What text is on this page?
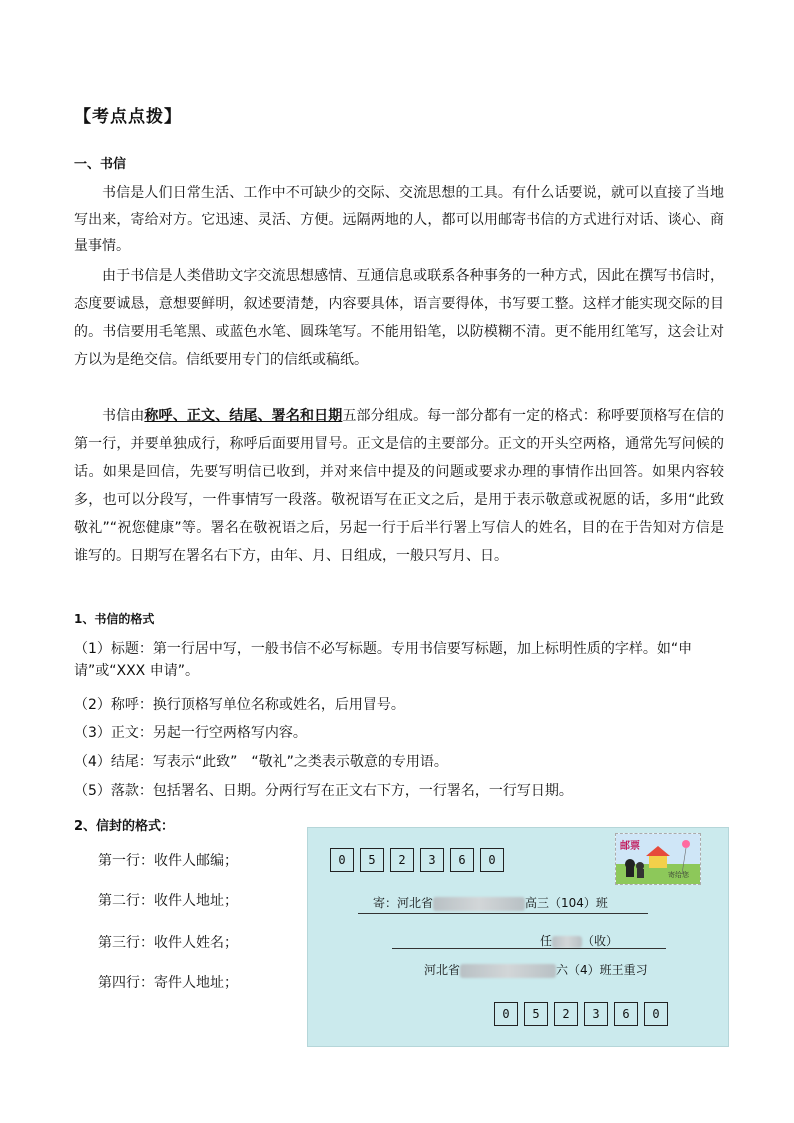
【考点点拨】
一、书信
书信是人们日常生活、工作中不可缺少的交际、交流思想的工具。有什么话要说，就可以直接了当地写出来，寄给对方。它迅速、灵活、方便。远隔两地的人，都可以用邮寄书信的方式进行对话、谈心、商量事情。
由于书信是人类借助文字交流思想感情、互通信息或联系各种事务的一种方式，因此在撰写书信时，态度要诚恳，意想要鲜明，叙述要清楚，内容要具体，语言要得体，书写要工整。这样才能实现交际的目的。书信要用毛笔黑、或蓝色水笔、圆珠笔写。不能用铅笔，以防模糊不清。更不能用红笔写，这会让对方以为是绝交信。信纸要用专门的信纸或稿纸。
书信由称呼、正文、结尾、署名和日期五部分组成。每一部分都有一定的格式：称呼要顶格写在信的第一行，并要单独成行，称呼后面要用冒号。正文是信的主要部分。正文的开头空两格，通常先写问候的话。如果是回信，先要写明信已收到，并对来信中提及的问题或要求办理的事情作出回答。如果内容较多，也可以分段写，一件事情写一段落。敬祝语写在正文之后，是用于表示敬意或祝愿的话，多用“此致敬礼”“祝您健康”等。署名在敬祝语之后，另起一行于后半行署上写信人的姓名，目的在于告知对方信是谁写的。日期写在署名右下方，由年、月、日组成，一般只写月、日。
1、书信的格式
（1）标题：第一行居中写，一般书信不必写标题。专用书信要写标题，加上标明性质的字样。如“申请”或“XXX 申请”。
（2）称呼：换行顶格写单位名称或姓名，后用冒号。
（3）正文：另起一行空两格写内容。
（4）结尾：写表示“此致”　“敬礼”之类表示敬意的专用语。
（5）落款：包括署名、日期。分两行写在正文右下方，一行署名，一行写日期。
2、信封的格式：
第一行：收件人邮编；
第二行：收件人地址；
第三行：收件人姓名；
第四行：寄件人地址；
0	5	2	3	6	0
邮票
寄给您
寄：河北省	高三（104）班
任	（收）
河北省	六（4）班王重习
0	5	2	3	6	0
